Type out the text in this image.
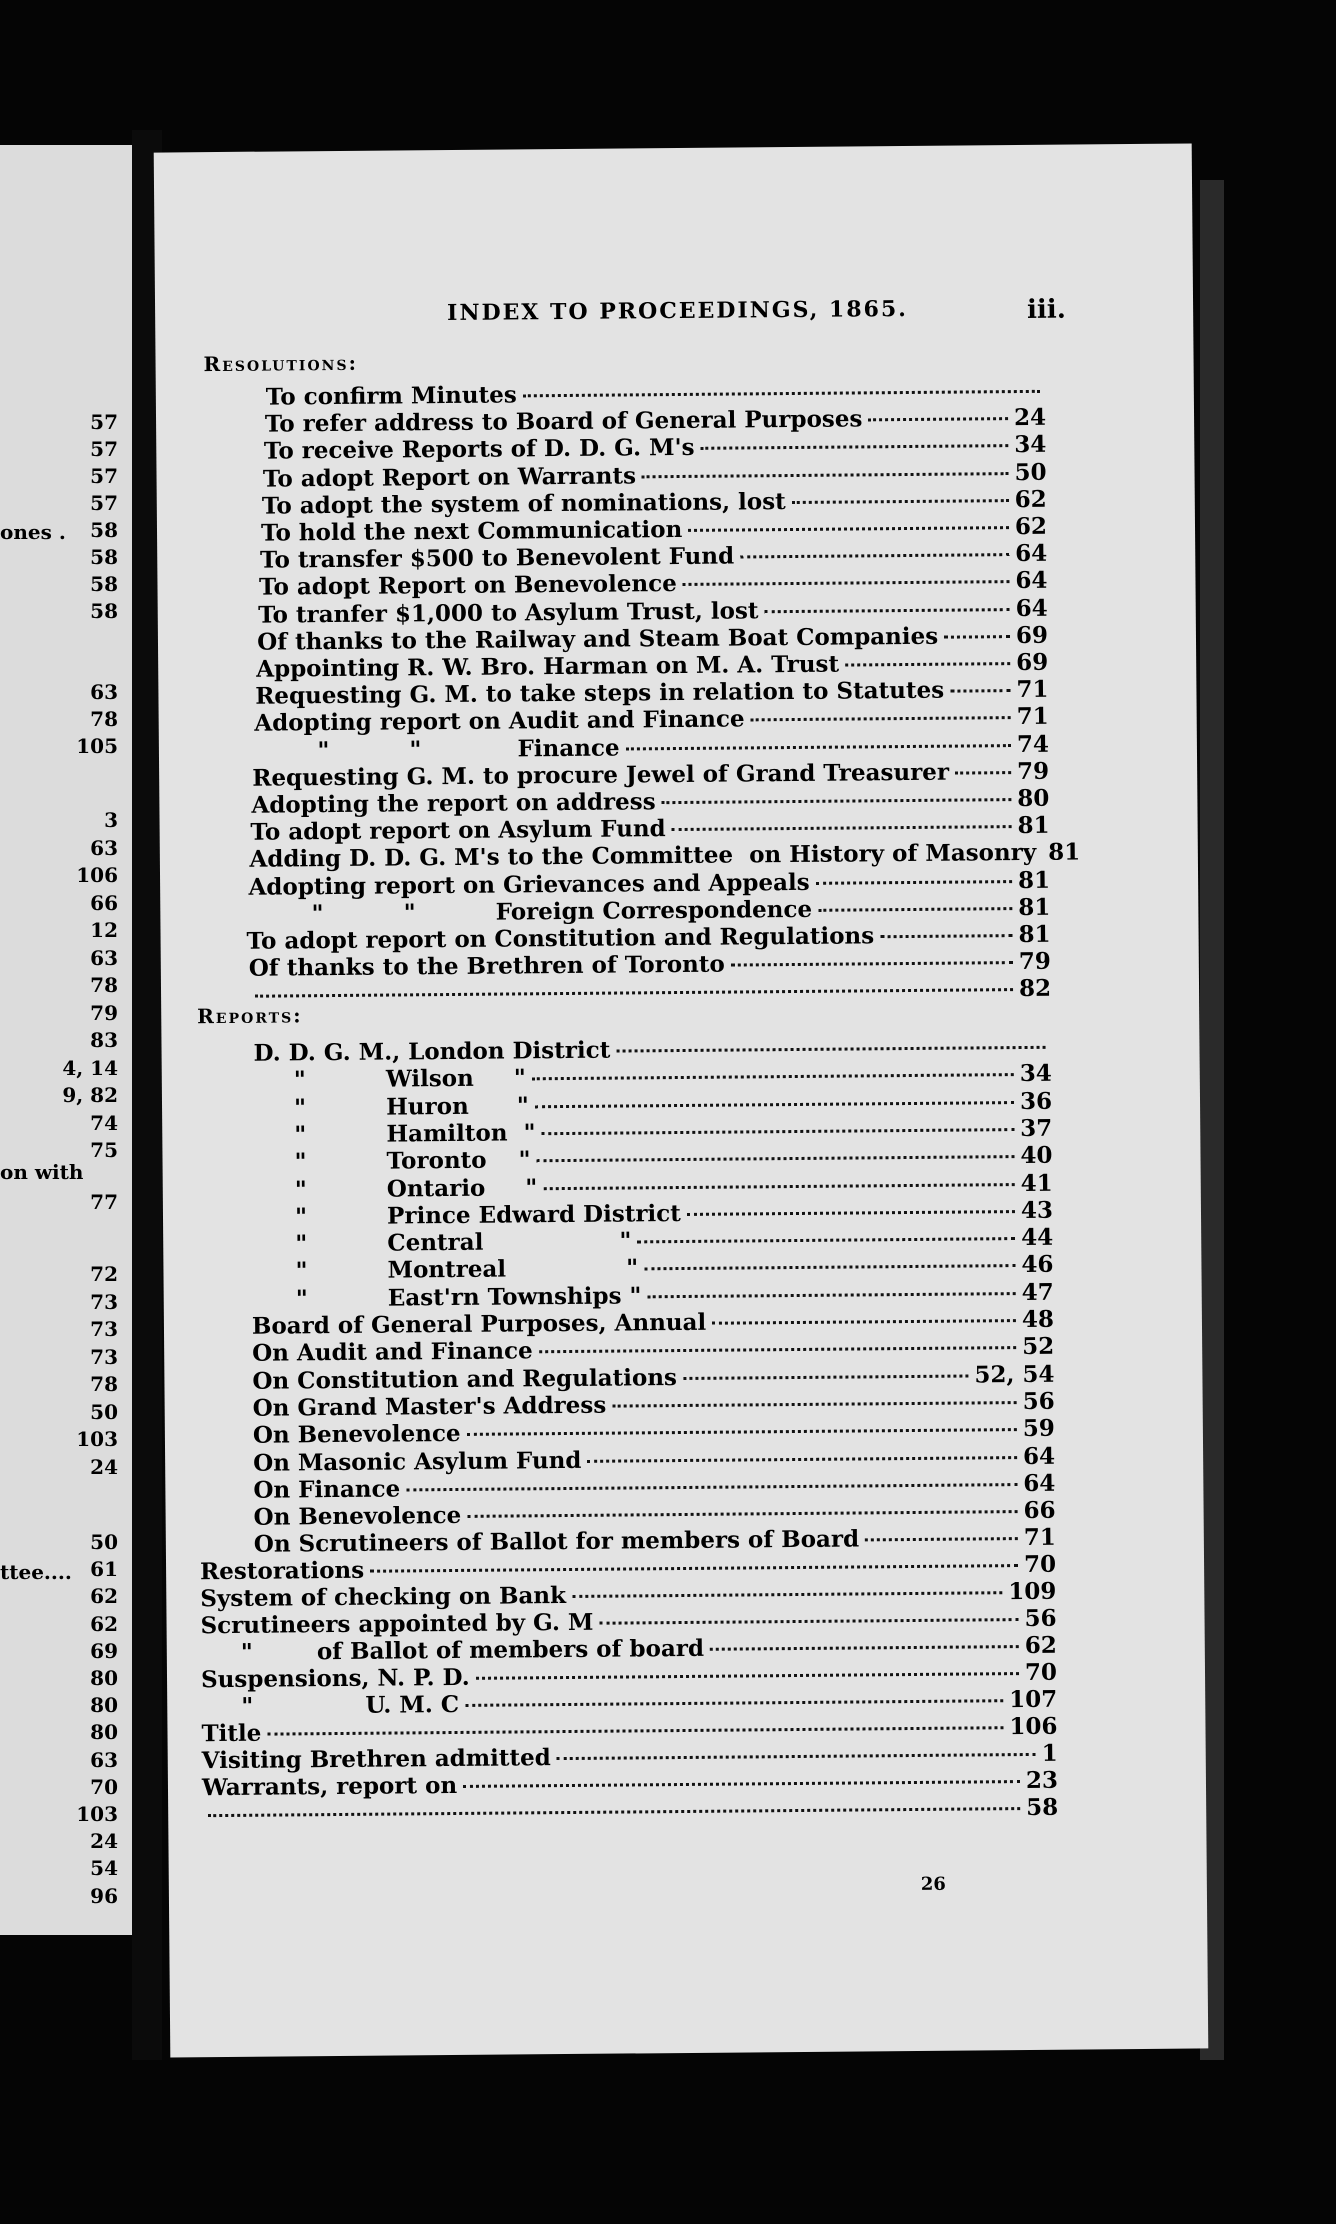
INDEX TO PROCEEDINGS, 1865.	iii.
Resolutions:
Reports:
To confirm Minutes
To refer address to Board of General Purposes	24
To receive Reports of D. D. G. M's	34
To adopt Report on Warrants	50
To adopt the system of nominations, lost	62
To hold the next Communication	62
To transfer $500 to Benevolent Fund	64
To adopt Report on Benevolence	64
To tranfer $1,000 to Asylum Trust, lost	64
Of thanks to the Railway and Steam Boat Companies	69
Appointing R. W. Bro. Harman on M. A. Trust	69
Requesting G. M. to take steps in relation to Statutes	71
Adopting report on Audit and Finance	71
"          "            Finance	74
Requesting G. M. to procure Jewel of Grand Treasurer	79
Adopting the report on address	80
To adopt report on Asylum Fund	81
Adding D. D. G. M's to the Committee  on History of Masonry 81
Adopting report on Grievances and Appeals	81
"          "          Foreign Correspondence	81
To adopt report on Constitution and Regulations	81
Of thanks to the Brethren of Toronto	79
82
D. D. G. M., London District
"          Wilson     "	34
"          Huron      "	36
"          Hamilton  "	37
"          Toronto    "	40
"          Ontario     "	41
"          Prince Edward District	43
"          Central                 "	44
"          Montreal               "	46
"          East'rn Townships "	47
Board of General Purposes, Annual	48
On Audit and Finance	52
On Constitution and Regulations	52, 54
On Grand Master's Address	56
On Benevolence	59
On Masonic Asylum Fund	64
On Finance	64
On Benevolence	66
On Scrutineers of Ballot for members of Board	71
Restorations	70
System of checking on Bank	109
Scrutineers appointed by G. M	56
"        of Ballot of members of board	62
Suspensions, N. P. D.	70
"              U. M. C	107
Title	106
Visiting Brethren admitted	1
Warrants, report on	23
58
26
57
57
57
57
58
58
58
58
63
78
105
3
63
106
66
12
63
78
79
83
4, 14
9, 82
74
75
77
72
73
73
73
78
50
103
24
50
61
62
62
69
80
80
80
63
70
103
24
54
96
ones .
on with
ttee....
